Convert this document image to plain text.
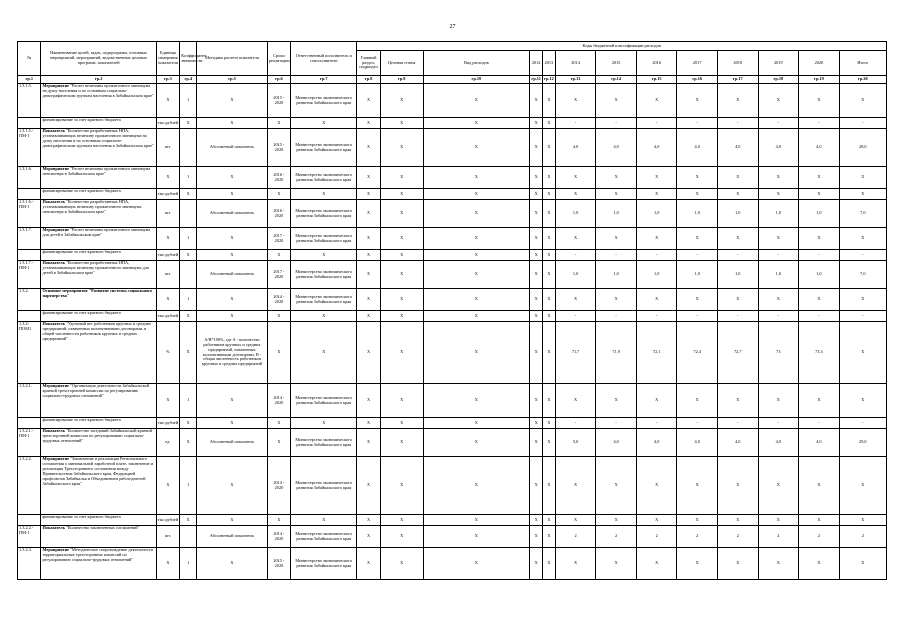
27
№	Наименование целей, задач, подпрограмм, основных мероприятий, мероприятий, ведомственных целевых программ, показателей	Единица измерения показателя	Коэффициент значимости	Методика расчета показателя	Сроки реализации	Ответственный исполнитель и соисполнители	Коды бюджетной классификации расходов												
							Главный раздел, подраздел	Целевая статья	Вид расходов	2012	2013	2014	2015	2016	2017	2018	2019	2020	Итого
гр.1	гр.2	гр.3	гр.4	гр.5	гр.6	гр.7	гр.8	гр.9	гр.10	гр.11	гр.12	гр.13	гр.14	гр.15	гр.16	гр.17	гр.18	гр.19	гр.20
1.3.1.5.	Мероприятие "Расчет величины прожиточного минимума на душу населения и по основным социально-демографическим группам населения в Забайкальском крае"	Х	1	Х	2015 - 2020	Министерство экономического развития Забайкальского края	Х	Х	Х	Х	Х	Х	Х	Х	Х	Х	Х	Х	Х
	финансирование за счет краевого бюджета	тыс.рублей	Х	Х	Х	Х	Х	Х	Х	Х	Х	-	-	-	-	-	-	-	-
1.3.1.5.-ПМ-1	Показатель "Количество разработанных НПА, устанавливающих величину прожиточного минимума на душу населения и по основным социально-демографическим группам населения в Забайкальском крае"	шт.		Абсолютный показатель	2015 - 2020	Министерство экономического развития Забайкальского края	Х	Х	Х	Х	Х	4,0	4,0	4,0	4,0	4,0	4,0	4,0	28,0
1.3.1.6.	Мероприятие "Расчет величины прожиточного минимума пенсионера в Забайкальском крае"	Х	1	Х	2016 - 2020	Министерство экономического развития Забайкальского края	Х	Х	Х	Х	Х	Х	Х	Х	Х	Х	Х	Х	Х
	финансирование за счет краевого бюджета	тыс.рублей	Х	Х	Х	Х	Х	Х	Х	Х	Х	Х	Х	Х	Х	Х	Х	Х	Х
1.3.1.6.-ПМ-1	Показатель "Количество разработанных НПА, устанавливающих величину прожиточного минимума пенсионера в Забайкальском крае"	шт.		Абсолютный показатель	2016 - 2020	Министерство экономического развития Забайкальского края	Х	Х	Х	Х	Х	1,0	1,0	1,0	1,0	1,0	1,0	1,0	7,0
1.3.1.7.	Мероприятие "Расчет величины прожиточного минимума для детей в Забайкальском крае"	Х	1	Х	2017 - 2020	Министерство экономического развития Забайкальского края	Х	Х	Х	Х	Х	Х	Х	Х	Х	Х	Х	Х	Х
	финансирование за счет краевого бюджета	тыс.рублей	Х	Х	Х	Х	Х	Х	Х	Х	Х	-	-	-	-	-	-	-	-
1.3.1.7.-ПМ-1	Показатель "Количество разработанных НПА, устанавливающих величину прожиточного минимума для детей в Забайкальском крае"	шт.		Абсолютный показатель	2017 - 2020	Министерство экономического развития Забайкальского края	Х	Х	Х	Х	Х	1,0	1,0	1,0	1,0	1,0	1,0	1,0	7,0
1.3.2.	Основное мероприятие "Развитие системы социального партнерства"	Х	1	Х	2014 - 2020	Министерство экономического развития Забайкальского края	Х	Х	Х	Х	Х	Х	Х	Х	Х	Х	Х	Х	Х
	финансирование за счет краевого бюджета	тыс.рублей	Х	Х	Х	Х	Х	Х	Х	Х	Х	-	-	-	-	-	-	-	-
1.3.2-ПОМ1	Показатель "Удельный вес работников крупных и средних предприятий, охваченных коллективными договорами, в общей численности работников крупных и средних предприятий"	%	Х	A/B*100%, где А - количество работников крупных и средних предприятий, охваченных коллективными договорами, В - общая численность работников крупных и средних предприятий	Х	Х	Х	Х	Х	Х	Х	71,7	71,9	72,1	72,4	72,7	73	73,3	Х
1.3.2.1.	Мероприятие "Организация деятельности Забайкальской краевой трехсторонней комиссии по регулированию социально-трудовых отношений"	Х	1	Х	2014 - 2020	Министерство экономического развития Забайкальского края	Х	Х	Х	Х	Х	Х	Х	Х	Х	Х	Х	Х	Х
	финансирование за счет краевого бюджета	тыс.рублей	Х	Х	Х	Х	Х	Х	Х	Х	Х	-	-	-	-	-	-	-	-
1.3.2.1.-ПМ-1	Показатель "Количество заседаний Забайкальской краевой трехсторонней комиссии по регулированию социально-трудовых отношений"	ед.	Х	Абсолютный показатель	Х	Министерство экономического развития Забайкальского края	Х	Х	Х	Х	Х	5,0	4,0	4,0	4,0	4,0	4,0	4,0	29,0
1.3.2.2.	Мероприятие "Заключение и реализация Регионального соглашения о минимальной заработной плате, заключение и реализация Трехстороннего соглашения между Правительством Забайкальского края, Федерацией профсоюзов Забайкалья и Объединением работодателей Забайкальского края"	Х	1	Х	2014 - 2020	Министерство экономического развития Забайкальского края	Х	Х	Х	Х	Х	Х	Х	Х	Х	Х	Х	Х	Х
	финансирование за счет краевого бюджета	тыс.рублей	Х	Х	Х	Х	Х	Х	Х	Х	Х	Х	Х	Х	Х	Х	Х	Х	Х
1.3.2.2.-ПМ-1	Показатель "Количество заключенных соглашений"	шт.		Абсолютный показатель	2014 - 2020	Министерство экономического развития Забайкальского края	Х	Х	Х	Х	Х	2	2	2	2	2	2	2	2
1.3.2.3.	Мероприятие "Методическое сопровождение деятельности территориальных трехсторонних комиссий по регулированию социально-трудовых отношений"	Х	1	Х	2015 - 2020	Министерство экономического развития Забайкальского края	Х	Х	Х	Х	Х	Х	Х	Х	Х	Х	Х	Х	Х
